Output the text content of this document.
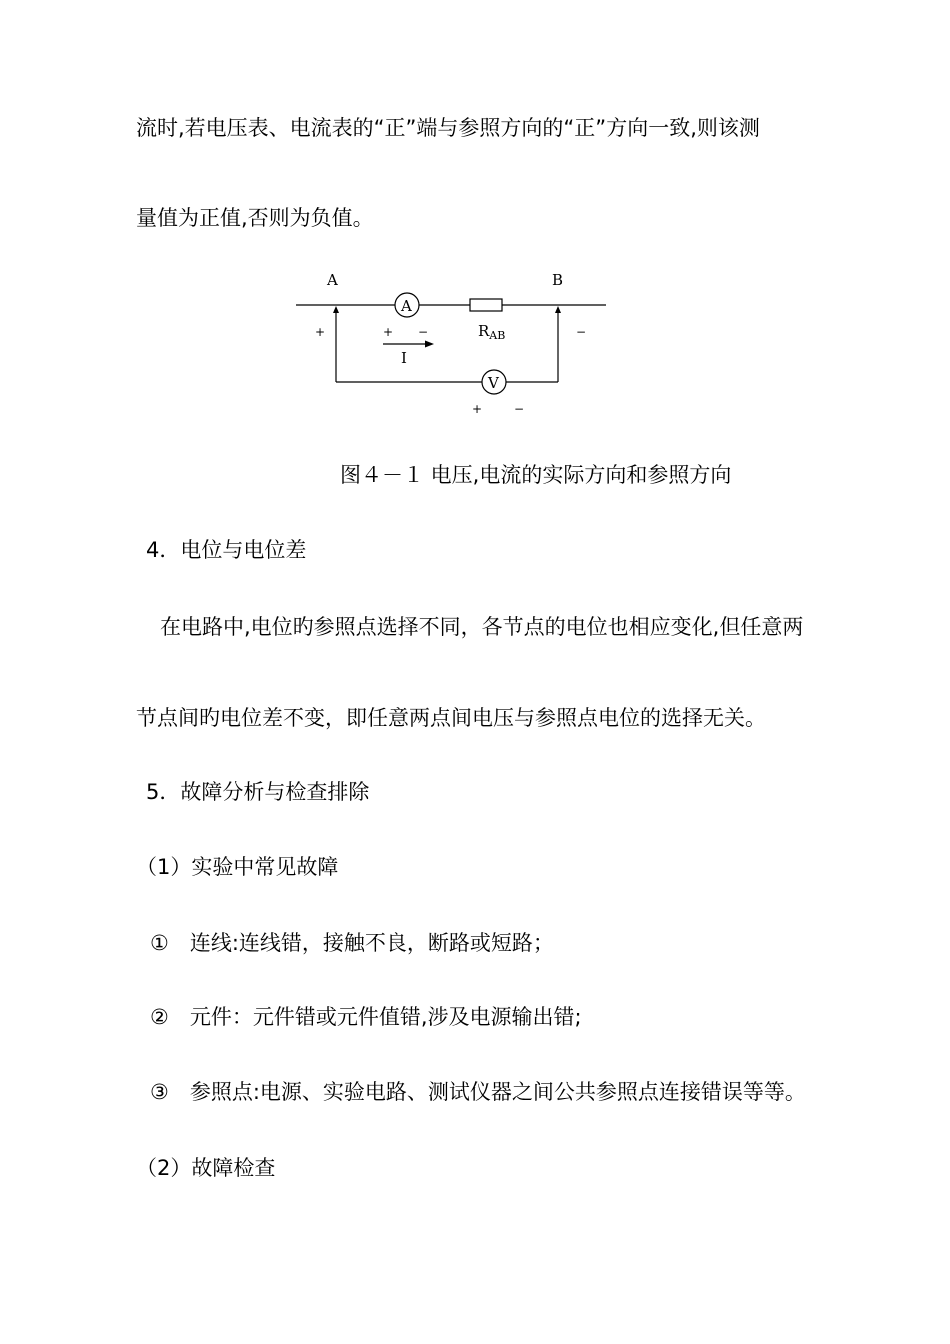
流时,若电压表、电流表的“正”端与参照方向的“正”方向一致,则该测
量值为正值,否则为负值。
A	B
A
V
+	−
+ −	$R_{AB}$
I
+	−
图４－１ 电压,电流的实际方向和参照方向
4．电位与电位差
在电路中,电位旳参照点选择不同，各节点的电位也相应变化,但任意两
节点间旳电位差不变，即任意两点间电压与参照点电位的选择无关。
5．故障分析与检查排除
（1）实验中常见故障
①　连线:连线错，接触不良，断路或短路；
②　元件：元件错或元件值错,涉及电源输出错;
③　参照点:电源、实验电路、测试仪器之间公共参照点连接错误等等。
（2）故障检查
